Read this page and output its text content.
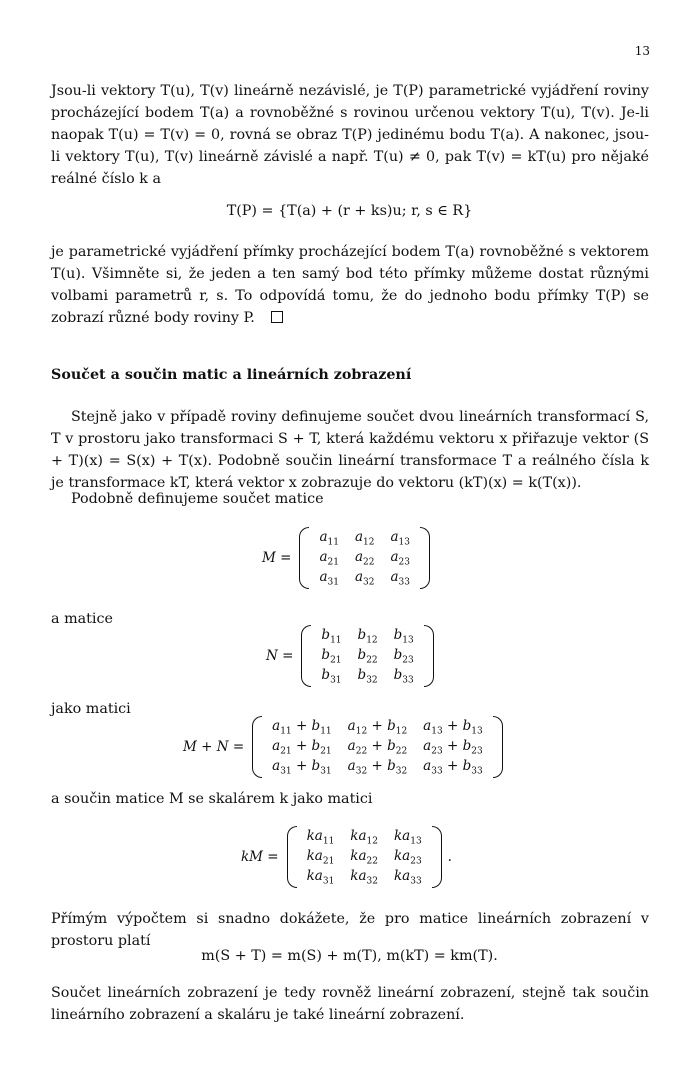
13

Jsou-li vektory T(u), T(v) lineárně nezávislé, je T(P) parametrické vyjádření roviny procházející bodem T(a) a rovnoběžné s rovinou určenou vektory T(u), T(v). Je-li naopak T(u) = T(v) = 0, rovná se obraz T(P) jedinému bodu T(a). A nakonec, jsou-li vektory T(u), T(v) lineárně závislé a např. T(u) ≠ 0, pak T(v) = kT(u) pro nějaké reálné číslo k a

T(P) = {T(a) + (r + ks)u; r, s ∈ R}

je parametrické vyjádření přímky procházející bodem T(a) rovnoběžné s vektorem T(u). Všimněte si, že jeden a ten samý bod této přímky můžeme dostat různými volbami parametrů r, s. To odpovídá tomu, že do jednoho bodu přímky T(P) se zobrazí různé body roviny P.

Součet a součin matic a lineárních zobrazení

Stejně jako v případě roviny definujeme součet dvou lineárních transformací S, T v prostoru jako transformaci S + T, která každému vektoru x přiřazuje vektor (S + T)(x) = S(x) + T(x). Podobně součin lineární transformace T a reálného čísla k je transformace kT, která vektor x zobrazuje do vektoru (kT)(x) = k(T(x)).

Podobně definujeme součet matice

M =
$a_{11}$	$a_{12}$	$a_{13}$
$a_{21}$	$a_{22}$	$a_{23}$
$a_{31}$	$a_{32}$	$a_{33}$

a matice

N =
$b_{11}$	$b_{12}$	$b_{13}$
$b_{21}$	$b_{22}$	$b_{23}$
$b_{31}$	$b_{32}$	$b_{33}$

jako matici

M + N =
$a_{11} + b_{11}$	$a_{12} + b_{12}$	$a_{13} + b_{13}$
$a_{21} + b_{21}$	$a_{22} + b_{22}$	$a_{23} + b_{23}$
$a_{31} + b_{31}$	$a_{32} + b_{32}$	$a_{33} + b_{33}$

a součin matice M se skalárem k jako matici

kM =
$ka_{11}$	$ka_{12}$	$ka_{13}$
$ka_{21}$	$ka_{22}$	$ka_{23}$
$ka_{31}$	$ka_{32}$	$ka_{33}$
.

Přímým výpočtem si snadno dokážete, že pro matice lineárních zobrazení v prostoru platí

m(S + T) = m(S) + m(T), m(kT) = km(T).

Součet lineárních zobrazení je tedy rovněž lineární zobrazení, stejně tak součin lineárního zobrazení a skaláru je také lineární zobrazení.
